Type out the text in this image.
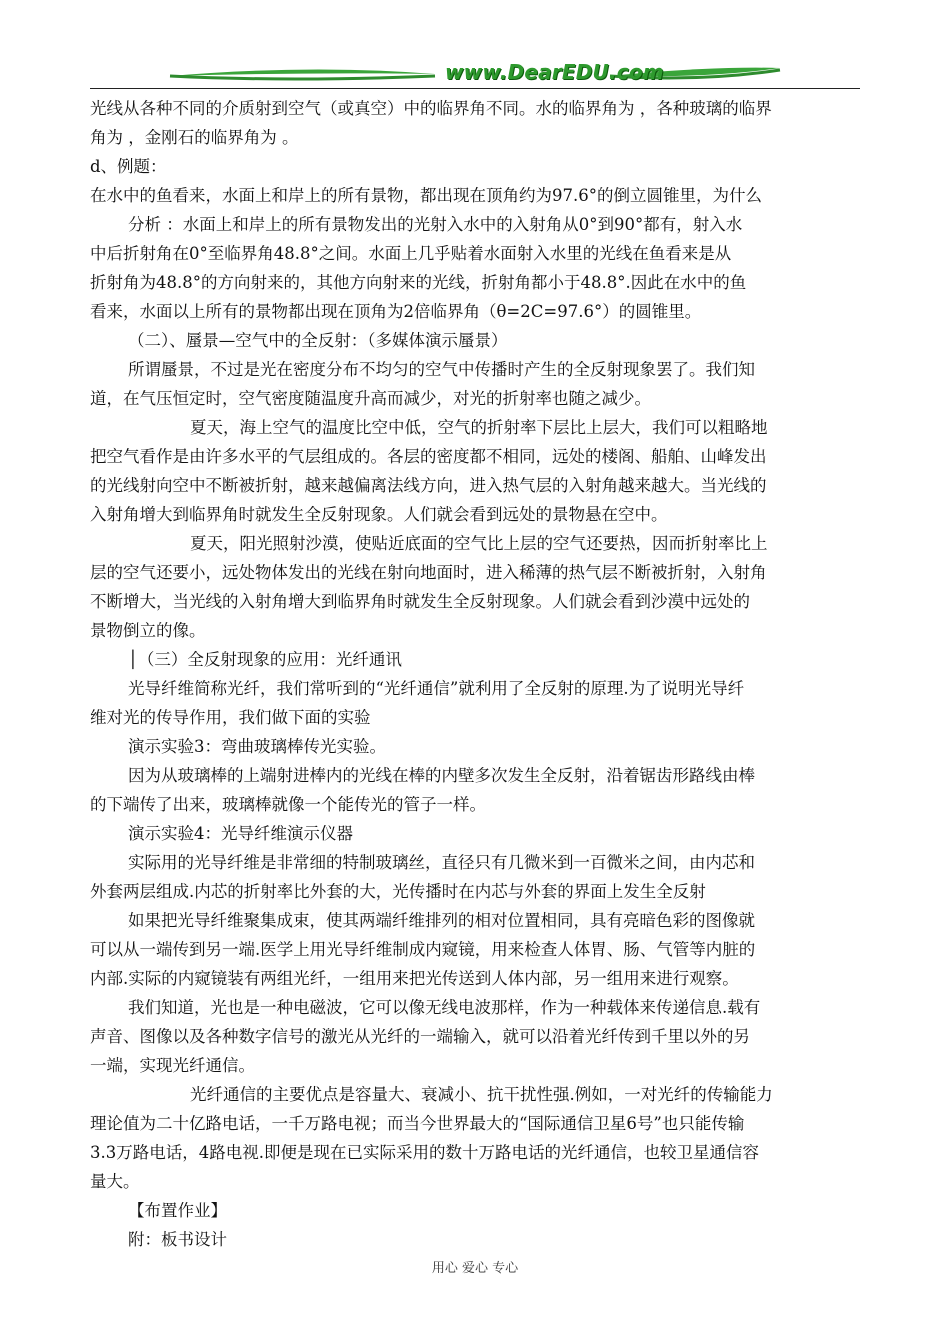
www.DearEDU.com
光线从各种不同的介质射到空气（或真空）中的临界角不同。水的临界角为 ，各种玻璃的临界
角为 ，金刚石的临界角为 。
d、例题：
在水中的鱼看来，水面上和岸上的所有景物，都出现在顶角约为97.6°的倒立圆锥里，为什么
分析 ：水面上和岸上的所有景物发出的光射入水中的入射角从0°到90°都有，射入水
中后折射角在0°至临界角48.8°之间。水面上几乎贴着水面射入水里的光线在鱼看来是从
折射角为48.8°的方向射来的，其他方向射来的光线，折射角都小于48.8°.因此在水中的鱼
看来，水面以上所有的景物都出现在顶角为2倍临界角（θ=2C=97.6°）的圆锥里。
（二）、蜃景—空气中的全反射：（多媒体演示蜃景）
所谓蜃景，不过是光在密度分布不均匀的空气中传播时产生的全反射现象罢了。我们知
道，在气压恒定时，空气密度随温度升高而减少，对光的折射率也随之减少。
夏天，海上空气的温度比空中低，空气的折射率下层比上层大，我们可以粗略地
把空气看作是由许多水平的气层组成的。各层的密度都不相同，远处的楼阁、船舶、山峰发出
的光线射向空中不断被折射，越来越偏离法线方向，进入热气层的入射角越来越大。当光线的
入射角增大到临界角时就发生全反射现象。人们就会看到远处的景物悬在空中。
夏天，阳光照射沙漠，使贴近底面的空气比上层的空气还要热，因而折射率比上
层的空气还要小，远处物体发出的光线在射向地面时，进入稀薄的热气层不断被折射，入射角
不断增大，当光线的入射角增大到临界角时就发生全反射现象。人们就会看到沙漠中远处的
景物倒立的像。
│（三）全反射现象的应用：光纤通讯
光导纤维简称光纤，我们常听到的“光纤通信”就利用了全反射的原理.为了说明光导纤
维对光的传导作用，我们做下面的实验
演示实验3：弯曲玻璃棒传光实验。
因为从玻璃棒的上端射进棒内的光线在棒的内壁多次发生全反射，沿着锯齿形路线由棒
的下端传了出来，玻璃棒就像一个能传光的管子一样。
演示实验4：光导纤维演示仪器
实际用的光导纤维是非常细的特制玻璃丝，直径只有几微米到一百微米之间，由内芯和
外套两层组成.内芯的折射率比外套的大，光传播时在内芯与外套的界面上发生全反射
如果把光导纤维聚集成束，使其两端纤维排列的相对位置相同，具有亮暗色彩的图像就
可以从一端传到另一端.医学上用光导纤维制成内窥镜，用来检查人体胃、肠、气管等内脏的
内部.实际的内窥镜装有两组光纤，一组用来把光传送到人体内部，另一组用来进行观察。
我们知道，光也是一种电磁波，它可以像无线电波那样，作为一种载体来传递信息.载有
声音、图像以及各种数字信号的激光从光纤的一端输入，就可以沿着光纤传到千里以外的另
一端，实现光纤通信。
光纤通信的主要优点是容量大、衰减小、抗干扰性强.例如，一对光纤的传输能力
理论值为二十亿路电话，一千万路电视；而当今世界最大的“国际通信卫星6号”也只能传输
3.3万路电话，4路电视.即便是现在已实际采用的数十万路电话的光纤通信，也较卫星通信容
量大。
【布置作业】
附：板书设计
用心 爱心 专心
